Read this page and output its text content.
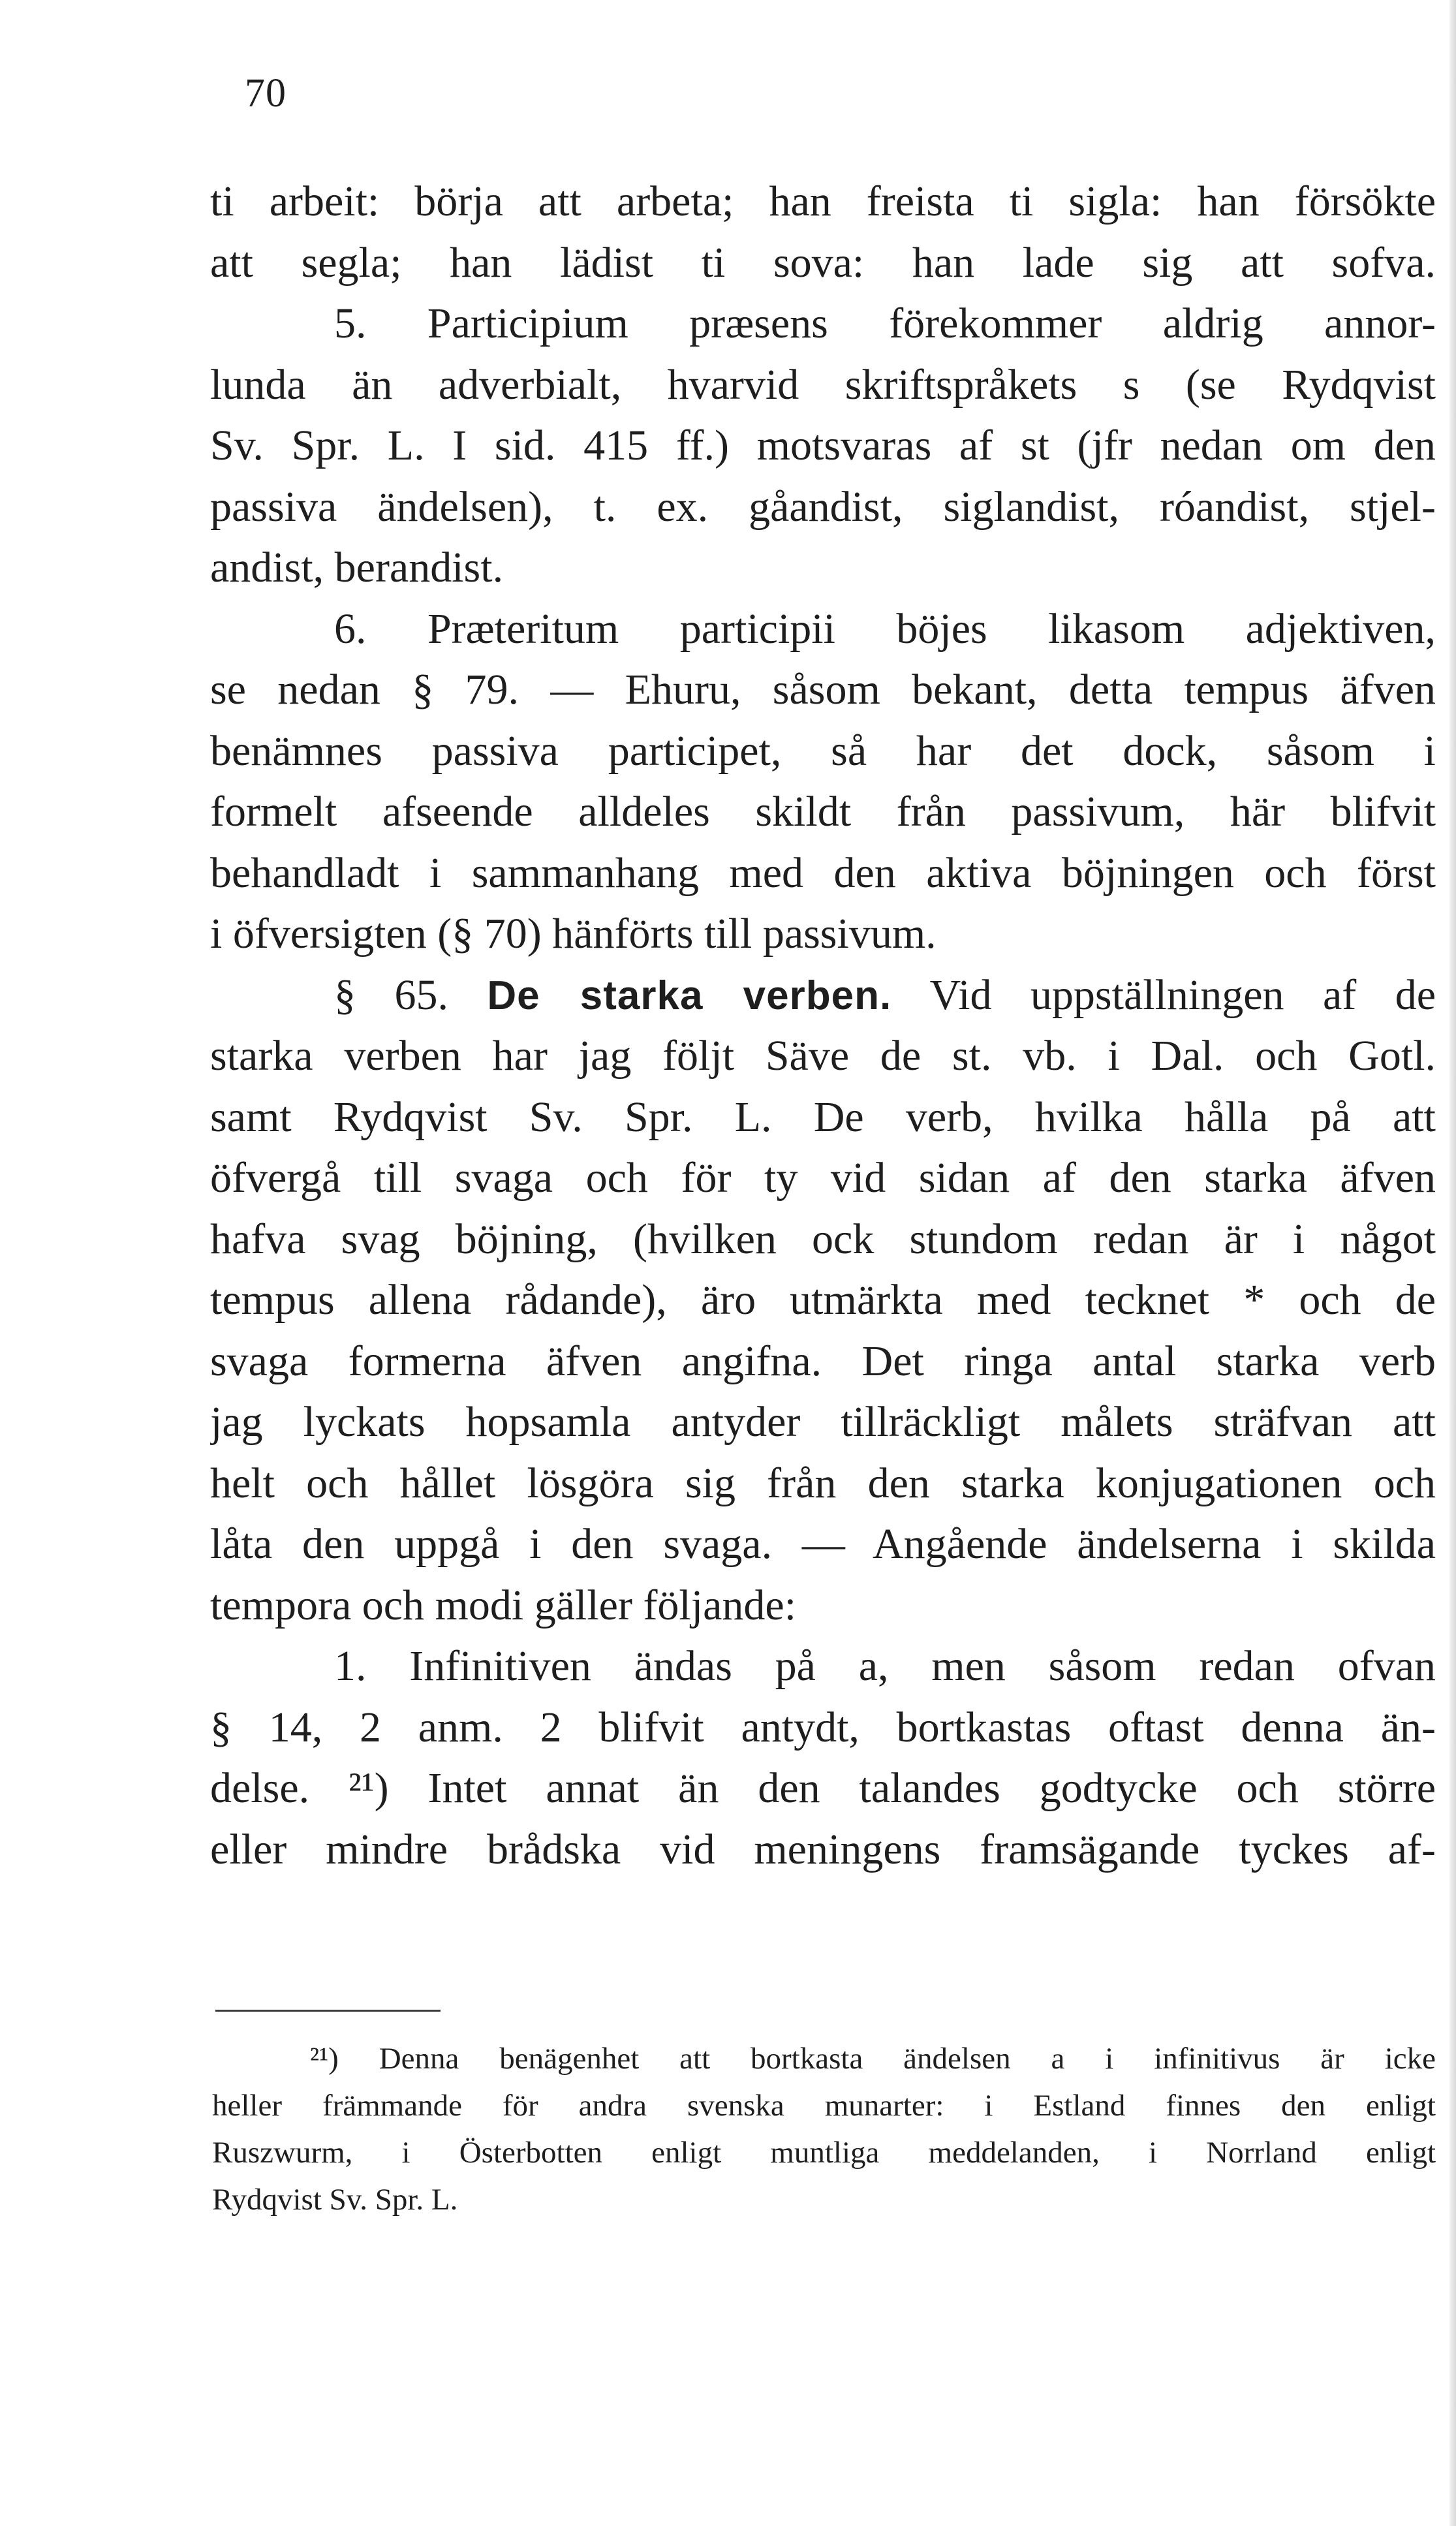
70
ti arbeit: börja att arbeta; han freista ti sigla: han försökte
att segla; han lädist ti sova: han lade sig att sofva.
5. Participium præsens förekommer aldrig annor-
lunda än adverbialt, hvarvid skriftspråkets s (se Rydqvist
Sv. Spr. L. I sid. 415 ff.) motsvaras af st (jfr nedan om den
passiva ändelsen), t. ex. gåandist, siglandist, róandist, stjel-
andist, berandist.
6. Præteritum participii böjes likasom adjektiven,
se nedan § 79. — Ehuru, såsom bekant, detta tempus äfven
benämnes passiva participet, så har det dock, såsom i
formelt afseende alldeles skildt från passivum, här blifvit
behandladt i sammanhang med den aktiva böjningen och först
i öfversigten (§ 70) hänförts till passivum.
§ 65. De starka verben. Vid uppställningen af de
starka verben har jag följt Säve de st. vb. i Dal. och Gotl.
samt Rydqvist Sv. Spr. L. De verb, hvilka hålla på att
öfvergå till svaga och för ty vid sidan af den starka äfven
hafva svag böjning, (hvilken ock stundom redan är i något
tempus allena rådande), äro utmärkta med tecknet * och de
svaga formerna äfven angifna. Det ringa antal starka verb
jag lyckats hopsamla antyder tillräckligt målets sträfvan att
helt och hållet lösgöra sig från den starka konjugationen och
låta den uppgå i den svaga. — Angående ändelserna i skilda
tempora och modi gäller följande:
1. Infinitiven ändas på a, men såsom redan ofvan
§ 14, 2 anm. 2 blifvit antydt, bortkastas oftast denna än-
delse. ²¹) Intet annat än den talandes godtycke och större
eller mindre brådska vid meningens framsägande tyckes af-
²¹) Denna benägenhet att bortkasta ändelsen a i infinitivus är icke
heller främmande för andra svenska munarter: i Estland finnes den enligt
Ruszwurm, i Österbotten enligt muntliga meddelanden, i Norrland enligt
Rydqvist Sv. Spr. L.
